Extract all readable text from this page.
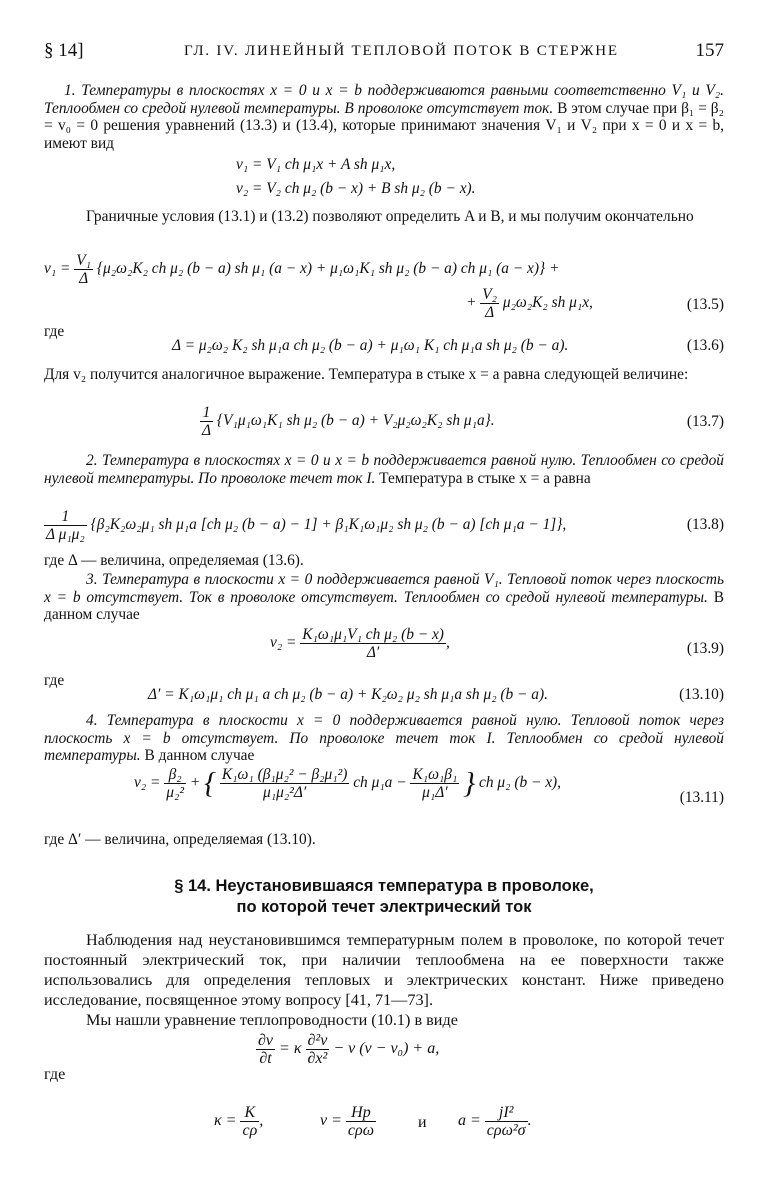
§ 14]	ГЛ. IV. ЛИНЕЙНЫЙ ТЕПЛОВОЙ ПОТОК В СТЕРЖНЕ	157
1. Температуры в плоскостях x = 0 и x = b поддерживаются равными соответственно V₁ и V₂. Теплообмен со средой нулевой температуры. В проволоке отсутствует ток. В этом случае при β₁ = β₂ = v₀ = 0 решения уравнений (13.3) и (13.4), которые принимают значения V₁ и V₂ при x = 0 и x = b, имеют вид
v₁ = V₁ ch μ₁x + A sh μ₁x,
v₂ = V₂ ch μ₂ (b − x) + B sh μ₂ (b − x).
Граничные условия (13.1) и (13.2) позволяют определить A и B, и мы получим окончательно
$v_1 = \frac{\text{V₁}}{\Delta} \{\mu_2\omega_2K_2$ ch μ₂ (b − a) sh μ₁ (a − x) + μ₁ω₁K₁ sh μ₂ (b − a) ch μ₁ (a − x)} +
+ $\frac{\text{V₂}}{\Delta} \mu_2\omega_2K_2$ sh μ₁x,	(13.5)
где
Δ = μ₂ω₂ K₂ sh μ₁a ch μ₂ (b − a) + μ₁ω₁ K₁ ch μ₁a sh μ₂ (b − a).	(13.6)
Для v₂ получится аналогичное выражение. Температура в стыке x = a равна следующей величине:
$\frac{1}{\Delta} \{V_1\mu_1\omega_1K_1$ sh μ₂ (b − a) + V₂μ₂ω₂K₂ sh μ₁a}.	(13.7)
2. Температура в плоскостях x = 0 и x = b поддерживается равной нулю. Теплообмен со средой нулевой температуры. По проволоке течет ток I. Температура в стыке x = a равна
$\frac{1}{\text{Δ μ₁μ₂}} \{\beta_2K_2\omega_2\mu_1$ sh μ₁a [ch μ₂ (b − a) − 1] + β₁K₁ω₁μ₂ sh μ₂ (b − a) [ch μ₁a − 1]},	(13.8)
где Δ — величина, определяемая (13.6).
3. Температура в плоскости x = 0 поддерживается равной V₁. Тепловой поток через плоскость x = b отсутствует. Ток в проволоке отсутствует. Теплообмен со средой нулевой температуры. В данном случае
$v_2 = \frac{\text{K₁ω₁μ₁V₁ ch μ₂ (b − x)}}{\Delta'}$ ,	(13.9)
где
Δ′ = K₁ω₁μ₁ ch μ₁ a ch μ₂ (b − a) + K₂ω₂ μ₂ sh μ₁a sh μ₂ (b − a).	(13.10)
4. Температура в плоскости x = 0 поддерживается равной нулю. Тепловой поток через плоскость x = b отсутствует. По проволоке течет ток I. Теплообмен со средой нулевой температуры. В данном случае
$v_2 = \frac{\text{β₂}}{\text{μ₂²}}$ + { $\frac{\text{K₁ω₁ (β₁μ₂² − β₂μ₁²)}}{\text{μ₁μ₂²Δ′}}$ ch $\mu_1a - \frac{\text{K₁ω₁β₁}}{\text{μ₁Δ′}}$ } ch μ₂ (b − x),
(13.11)
где Δ′ — величина, определяемая (13.10).
§ 14. Неустановившаяся температура в проволоке,
по которой течет электрический ток
Наблюдения над неустановившимся температурным полем в проволоке, по которой течет постоянный электрический ток, при наличии теплообмена на ее поверхности также использовались для определения тепловых и электрических констант. Ниже приведено исследование, посвященное этому вопросу [41, 71—73].
Мы нашли уравнение теплопроводности (10.1) в виде
$\frac{\partial v}{\partial t} = \kappa \frac{\text{∂²v}}{\text{∂x²}} - \nu$ (v − v₀) + a,
где
$\kappa = \frac{K}{c\rho}$ ,	$\nu = \frac{Hp}{\text{cρω}}$	и $a = \frac{\text{jI²}}{\text{cρω²σ}}$ .
